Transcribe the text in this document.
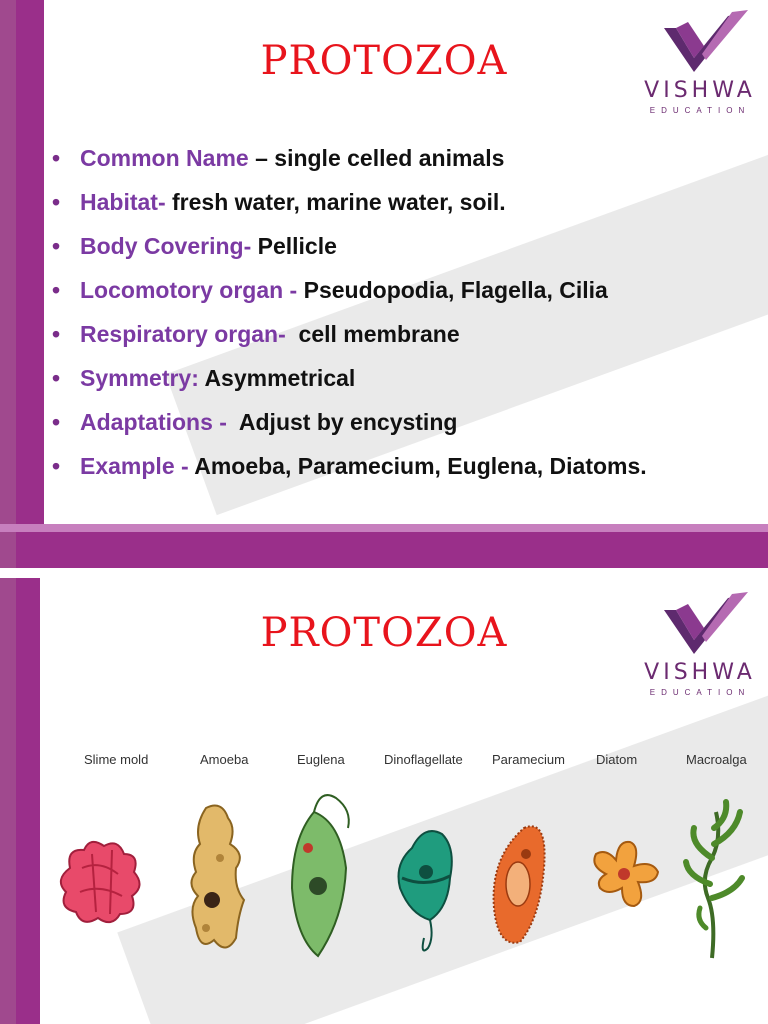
PROTOZOA
VISHWA
EDUCATION
• Common Name – single celled animals
• Habitat- fresh water, marine water, soil.
• Body Covering- Pellicle
• Locomotory organ - Pseudopodia, Flagella, Cilia
• Respiratory organ- cell membrane
• Symmetry: Asymmetrical
• Adaptations - Adjust by encysting
• Example - Amoeba, Paramecium, Euglena, Diatoms.
PROTOZOA
VISHWA
EDUCATION
Slime mold	Amoeba	Euglena	Dinoflagellate Paramecium Diatom	Macroalga
